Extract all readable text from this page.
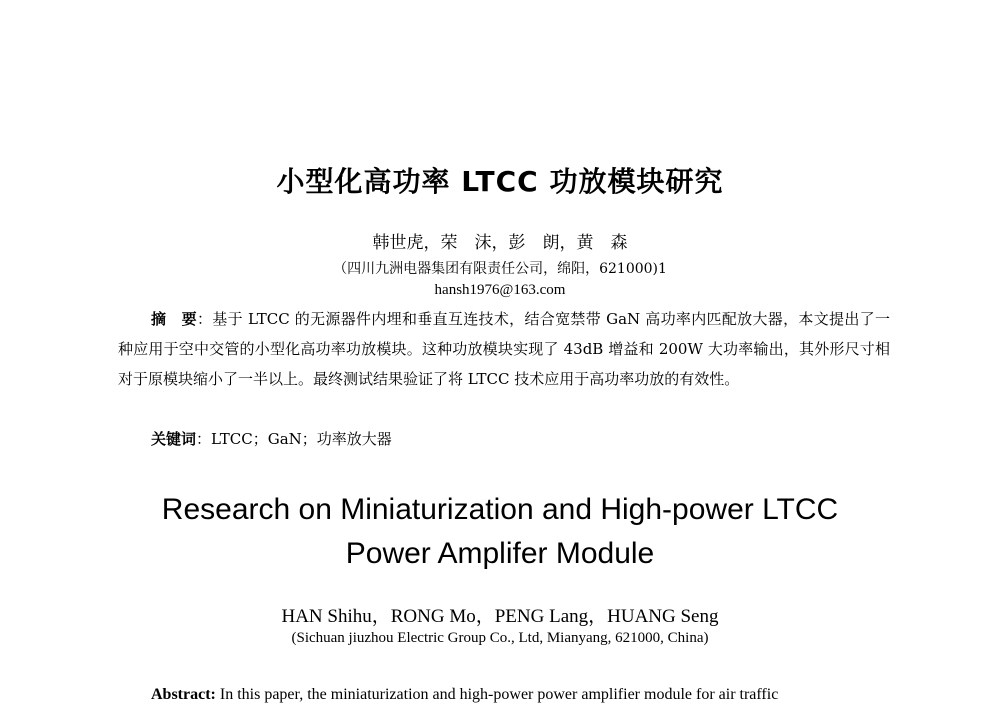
小型化高功率 LTCC 功放模块研究
韩世虎，荣　沫，彭　朗，黄　森
（四川九洲电器集团有限责任公司，绵阳，621000)1
hansh1976@163.com

摘　要：基于 LTCC 的无源器件内埋和垂直互连技术，结合宽禁带 GaN 高功率内匹配放大器，本文提出了一种应用于空中交管的小型化高功率功放模块。这种功放模块实现了 43dB 增益和 200W 大功率输出，其外形尺寸相对于原模块缩小了一半以上。最终测试结果验证了将 LTCC 技术应用于高功率功放的有效性。

关键词：LTCC；GaN；功率放大器
Research on Miniaturization and High-power LTCC
Power Amplifer Module
HAN Shihu，RONG Mo，PENG Lang，HUANG Seng
(Sichuan jiuzhou Electric Group Co., Ltd, Mianyang, 621000, China)

Abstract: In this paper, the miniaturization and high-power power amplifier module for air traffic
